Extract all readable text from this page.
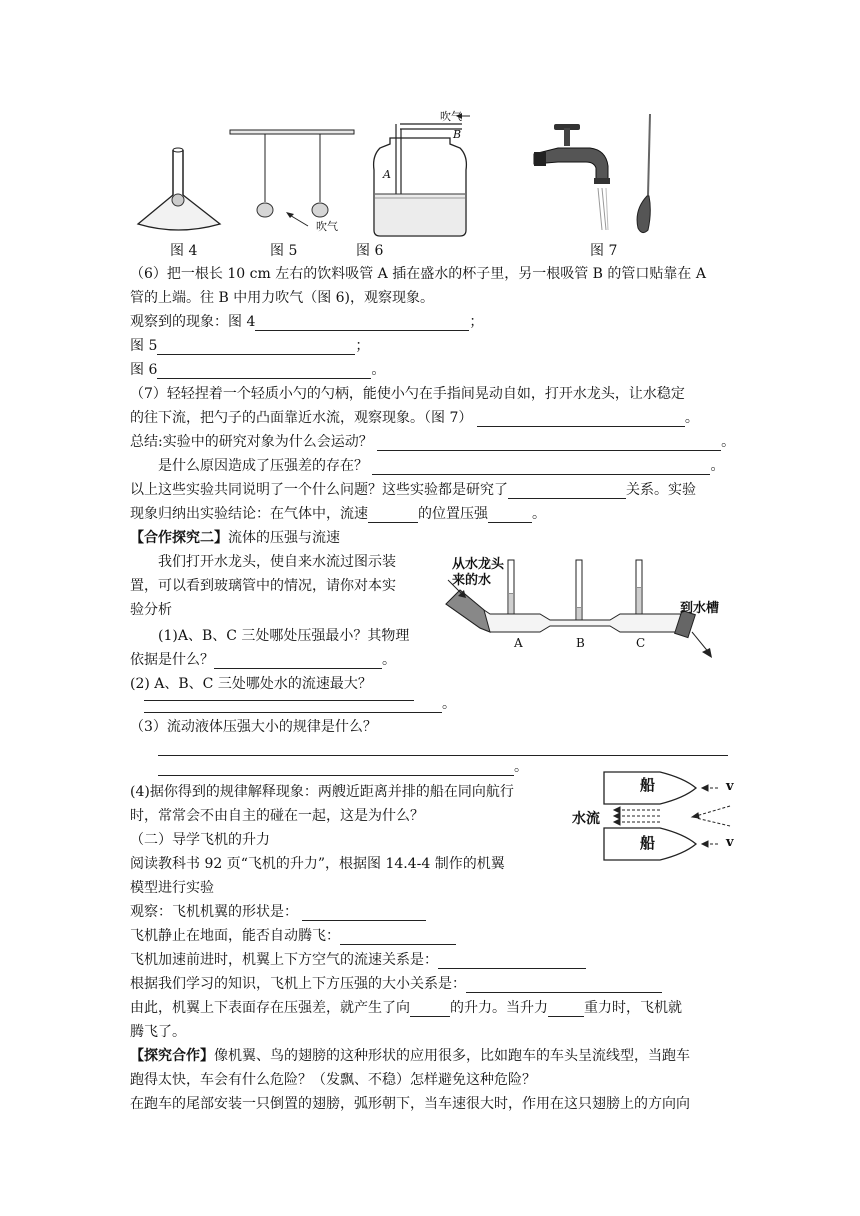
图 4
吹气
图 5
吹气
B
A
图 6	图 7
（6）把一根长 10 cm 左右的饮料吸管 A 插在盛水的杯子里，另一根吸管 B 的管口贴靠在 A
管的上端。往 B 中用力吹气（图 6)，观察现象。
观察到的现象：图 4	；
图 5	；
图 6	。
（7）轻轻捏着一个轻质小勺的勺柄，能使小勺在手指间晃动自如，打开水龙头，让水稳定
的往下流，把勺子的凸面靠近水流，观察现象。（图 7）	。
总结:实验中的研究对象为什么会运动？	。
是什么原因造成了压强差的存在？	。
以上这些实验共同说明了一个什么问题？这些实验都是研究了	关系。实验
现象归纳出实验结论：在气体中，流速	的位置压强	。
【合作探究二】流体的压强与流速
我们打开水龙头，使自来水流过图示装
置，可以看到玻璃管中的情况，请你对本实
验分析
(1)A、B、C 三处哪处压强最小？其物理
依据是什么？	。
(2) A、B、C 三处哪处水的流速最大？
。
（3）流动液体压强大小的规律是什么？
。
(4)据你得到的规律解释现象：两艘近距离并排的船在同向航行
时，常常会不由自主的碰在一起，这是为什么？
从水龙头
来的水
到水槽
A	B	C
船
船
水流
v
v
（二）导学飞机的升力
阅读教科书 92 页“飞机的升力”，根据图 14.4-4 制作的机翼
模型进行实验
观察：飞机机翼的形状是：
飞机静止在地面，能否自动腾飞：
飞机加速前进时，机翼上下方空气的流速关系是：
根据我们学习的知识，飞机上下方压强的大小关系是：
由此，机翼上下表面存在压强差，就产生了向	的升力。当升力	重力时，飞机就
腾飞了。
【探究合作】像机翼、鸟的翅膀的这种形状的应用很多，比如跑车的车头呈流线型，当跑车
跑得太快，车会有什么危险？（发飘、不稳）怎样避免这种危险？
在跑车的尾部安装一只倒置的翅膀，弧形朝下，当车速很大时，作用在这只翅膀上的方向向
